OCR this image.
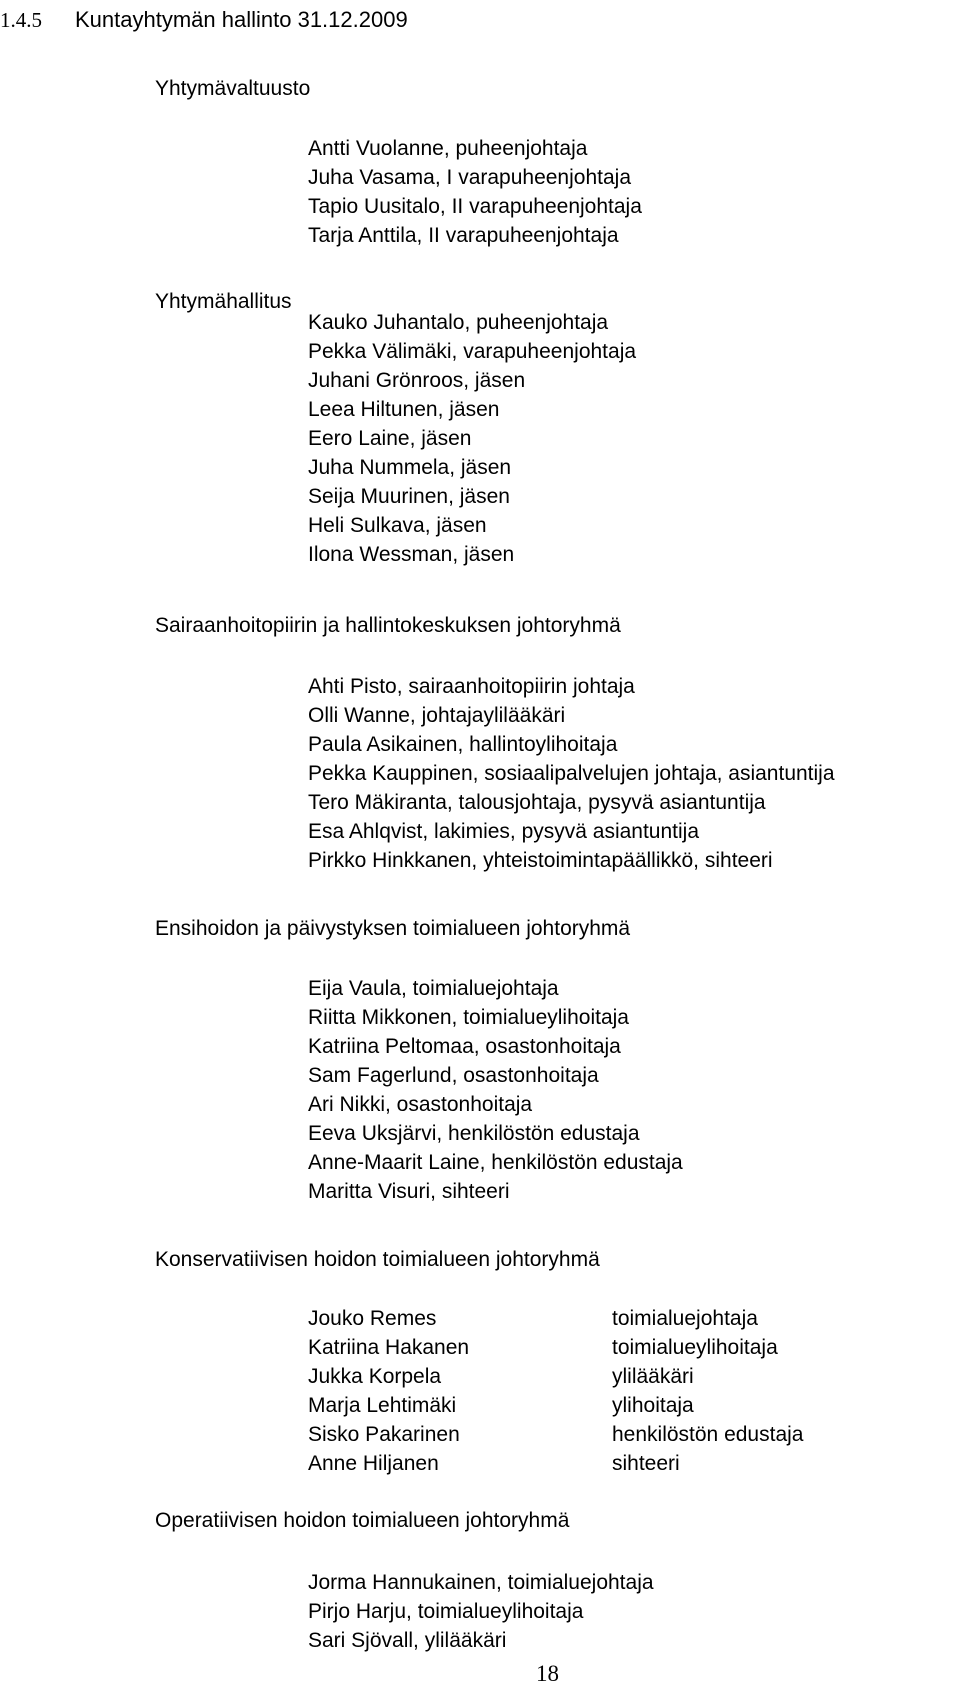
1.4.5 Kuntayhtymän hallinto 31.12.2009
Yhtymävaltuusto
Antti Vuolanne, puheenjohtaja
Juha Vasama, I varapuheenjohtaja
Tapio Uusitalo, II varapuheenjohtaja
Tarja Anttila, II varapuheenjohtaja
Yhtymähallitus
Kauko Juhantalo, puheenjohtaja
Pekka Välimäki, varapuheenjohtaja
Juhani Grönroos, jäsen
Leea Hiltunen, jäsen
Eero Laine, jäsen
Juha Nummela, jäsen
Seija Muurinen, jäsen
Heli Sulkava, jäsen
Ilona Wessman, jäsen
Sairaanhoitopiirin ja hallintokeskuksen johtoryhmä
Ahti Pisto, sairaanhoitopiirin johtaja
Olli Wanne, johtajaylilääkäri
Paula Asikainen, hallintoylihoitaja
Pekka Kauppinen, sosiaalipalvelujen johtaja, asiantuntija
Tero Mäkiranta, talousjohtaja, pysyvä asiantuntija
Esa Ahlqvist, lakimies, pysyvä asiantuntija
Pirkko Hinkkanen, yhteistoimintapäällikkö, sihteeri
Ensihoidon ja päivystyksen toimialueen johtoryhmä
Eija Vaula, toimialuejohtaja
Riitta Mikkonen, toimialueylihoitaja
Katriina Peltomaa, osastonhoitaja
Sam Fagerlund, osastonhoitaja
Ari Nikki, osastonhoitaja
Eeva Uksjärvi, henkilöstön edustaja
Anne-Maarit Laine, henkilöstön edustaja
Maritta Visuri, sihteeri
Konservatiivisen hoidon toimialueen johtoryhmä
Jouko Remes
Katriina Hakanen
Jukka Korpela
Marja Lehtimäki
Sisko Pakarinen
Anne Hiljanen
toimialuejohtaja
toimialueylihoitaja
ylilääkäri
ylihoitaja
henkilöstön edustaja
sihteeri
Operatiivisen hoidon toimialueen johtoryhmä
Jorma Hannukainen, toimialuejohtaja
Pirjo Harju, toimialueylihoitaja
Sari Sjövall, ylilääkäri
18
